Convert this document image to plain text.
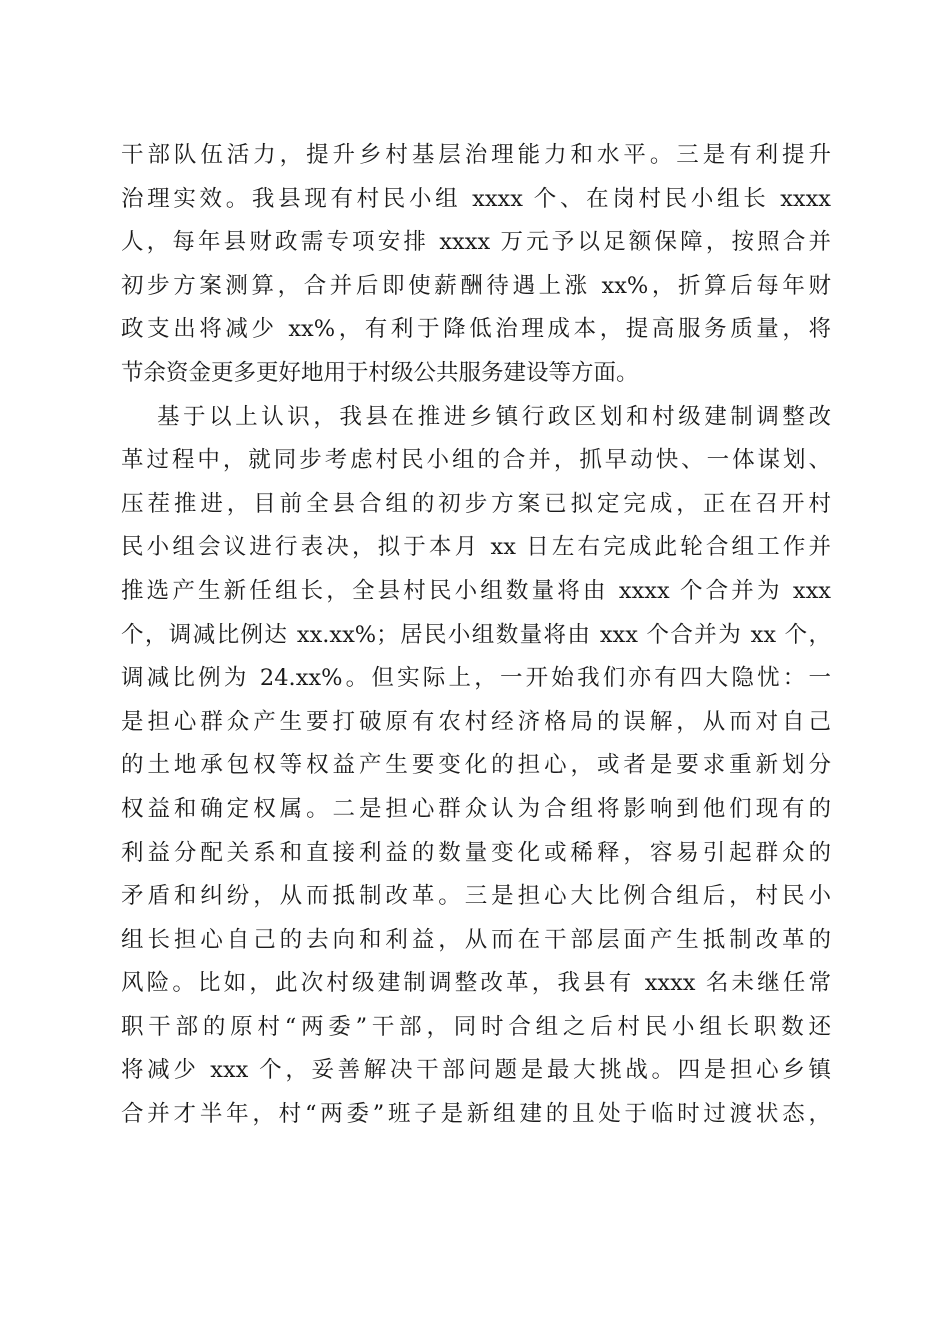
干部队伍活力，提升乡村基层治理能力和水平。三是有利提升
治理实效。我县现有村民小组 xxxx 个、在岗村民小组长 xxxx
人，每年县财政需专项安排 xxxx 万元予以足额保障，按照合并
初步方案测算，合并后即使薪酬待遇上涨 xx%，折算后每年财
政支出将减少 xx%，有利于降低治理成本，提高服务质量，将
节余资金更多更好地用于村级公共服务建设等方面。
基于以上认识，我县在推进乡镇行政区划和村级建制调整改
革过程中，就同步考虑村民小组的合并，抓早动快、一体谋划、
压茬推进，目前全县合组的初步方案已拟定完成，正在召开村
民小组会议进行表决，拟于本月 xx 日左右完成此轮合组工作并
推选产生新任组长，全县村民小组数量将由 xxxx 个合并为 xxx
个，调减比例达 xx.xx%；居民小组数量将由 xxx 个合并为 xx 个，
调减比例为 24.xx%。但实际上，一开始我们亦有四大隐忧：一
是担心群众产生要打破原有农村经济格局的误解，从而对自己
的土地承包权等权益产生要变化的担心，或者是要求重新划分
权益和确定权属。二是担心群众认为合组将影响到他们现有的
利益分配关系和直接利益的数量变化或稀释，容易引起群众的
矛盾和纠纷，从而抵制改革。三是担心大比例合组后，村民小
组长担心自己的去向和利益，从而在干部层面产生抵制改革的
风险。比如，此次村级建制调整改革，我县有 xxxx 名未继任常
职干部的原村“两委”干部，同时合组之后村民小组长职数还
将减少 xxx 个，妥善解决干部问题是最大挑战。四是担心乡镇
合并才半年，村“两委”班子是新组建的且处于临时过渡状态，
